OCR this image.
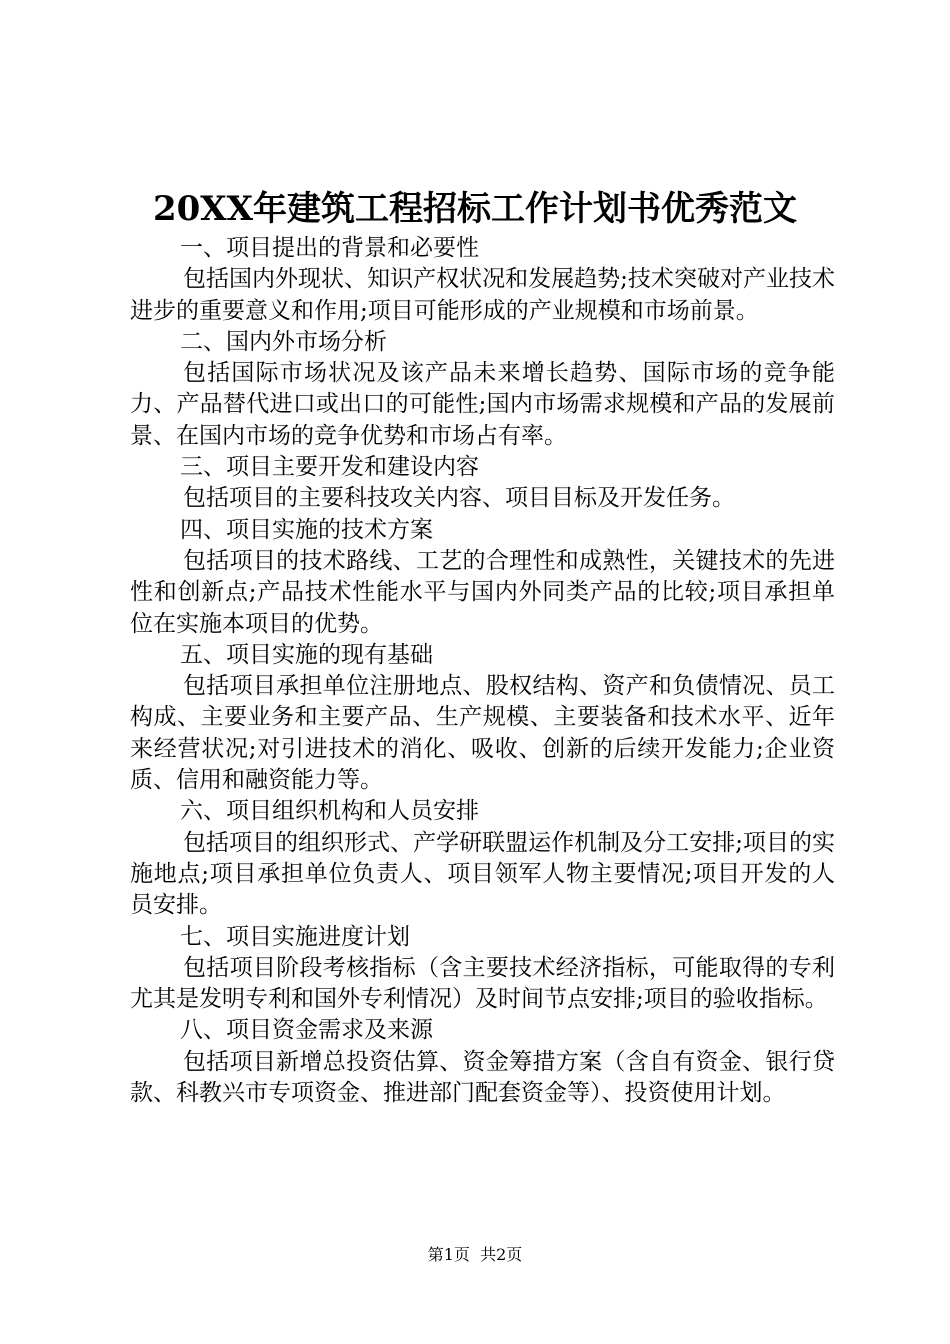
20XX年建筑工程招标工作计划书优秀范文

一、项目提出的背景和必要性

包括国内外现状、知识产权状况和发展趋势;技术突破对产业技术进步的重要意义和作用;项目可能形成的产业规模和市场前景。

二、国内外市场分析

包括国际市场状况及该产品未来增长趋势、国际市场的竞争能力、产品替代进口或出口的可能性;国内市场需求规模和产品的发展前景、在国内市场的竞争优势和市场占有率。

三、项目主要开发和建设内容

包括项目的主要科技攻关内容、项目目标及开发任务。

四、项目实施的技术方案

包括项目的技术路线、工艺的合理性和成熟性，关键技术的先进性和创新点;产品技术性能水平与国内外同类产品的比较;项目承担单位在实施本项目的优势。

五、项目实施的现有基础

包括项目承担单位注册地点、股权结构、资产和负债情况、员工构成、主要业务和主要产品、生产规模、主要装备和技术水平、近年来经营状况;对引进技术的消化、吸收、创新的后续开发能力;企业资质、信用和融资能力等。

六、项目组织机构和人员安排

包括项目的组织形式、产学研联盟运作机制及分工安排;项目的实施地点;项目承担单位负责人、项目领军人物主要情况;项目开发的人员安排。

七、项目实施进度计划

包括项目阶段考核指标（含主要技术经济指标，可能取得的专利尤其是发明专利和国外专利情况）及时间节点安排;项目的验收指标。

八、项目资金需求及来源

包括项目新增总投资估算、资金筹措方案（含自有资金、银行贷款、科教兴市专项资金、推进部门配套资金等）、投资使用计划。

第1页 共2页
